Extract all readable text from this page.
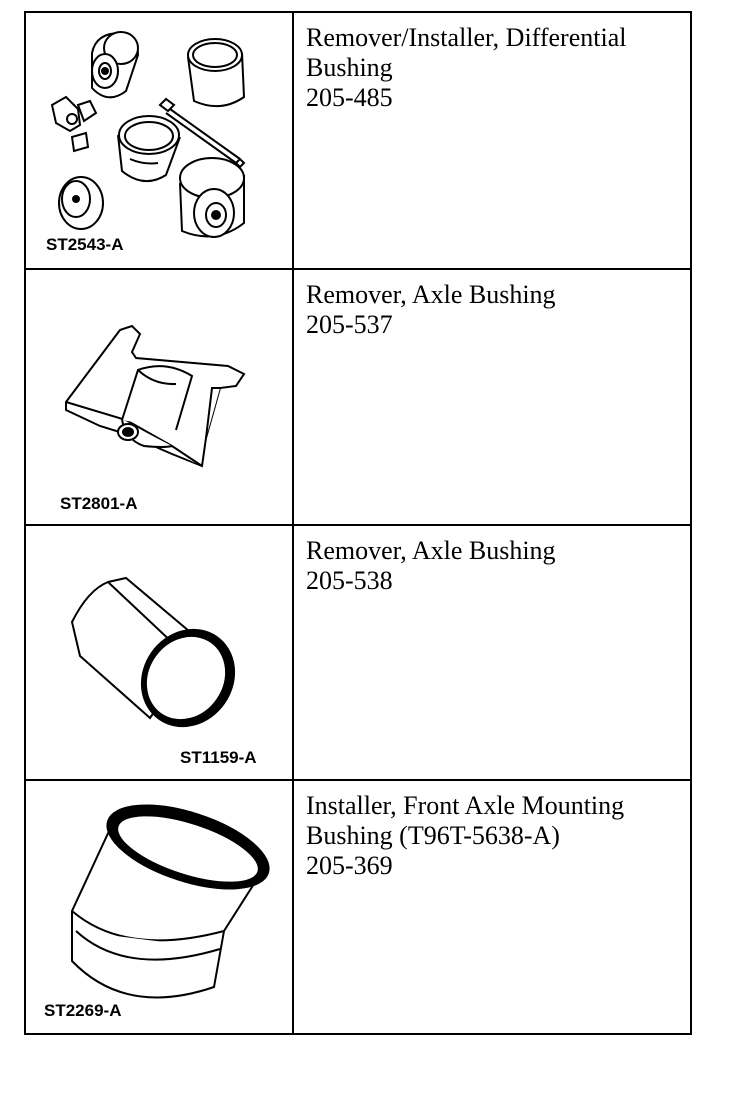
ST2543-A
Remover/Installer, Differential
Bushing
205-485
ST2801-A
Remover, Axle Bushing
205-537
ST1159-A
Remover, Axle Bushing
205-538
ST2269-A
Installer, Front Axle Mounting
Bushing (T96T-5638-A)
205-369
